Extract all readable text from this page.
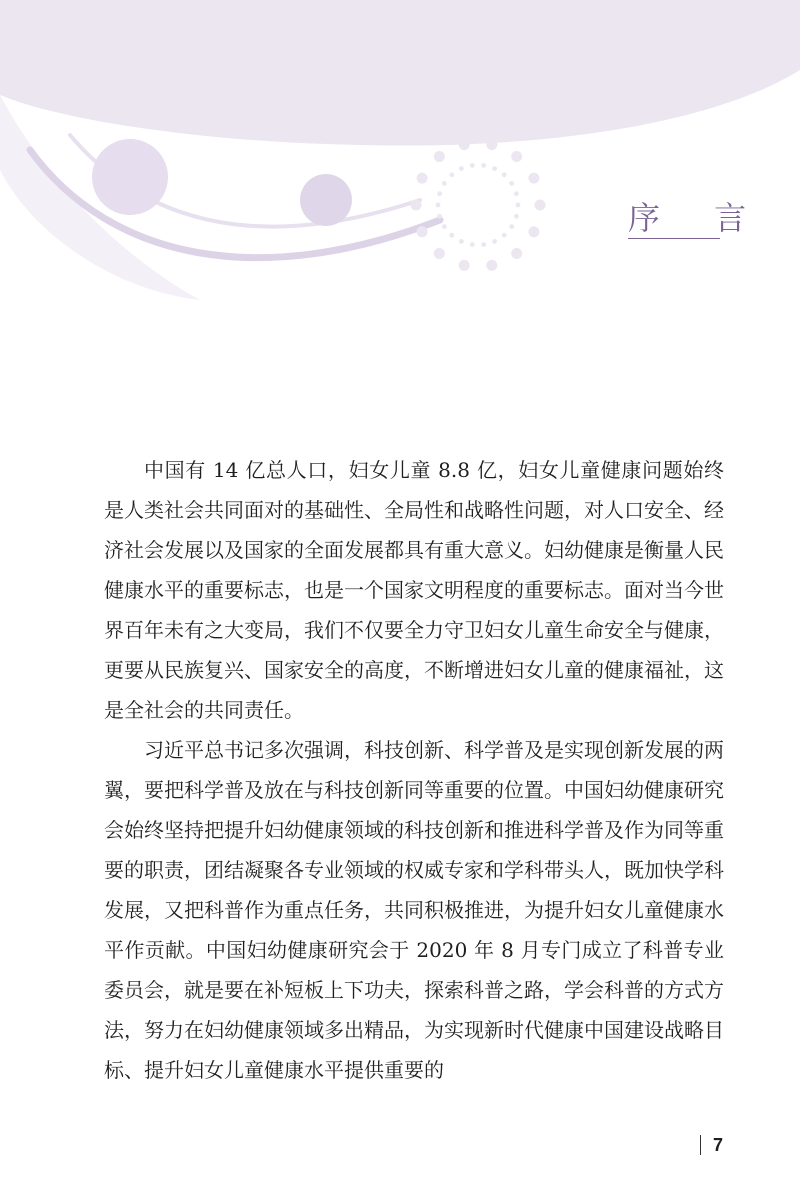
序 言

中国有 14 亿总人口，妇女儿童 8.8 亿，妇女儿童健康问题始终是人类社会共同面对的基础性、全局性和战略性问题，对人口安全、经济社会发展以及国家的全面发展都具有重大意义。妇幼健康是衡量人民健康水平的重要标志，也是一个国家文明程度的重要标志。面对当今世界百年未有之大变局，我们不仅要全力守卫妇女儿童生命安全与健康，更要从民族复兴、国家安全的高度，不断增进妇女儿童的健康福祉，这是全社会的共同责任。

习近平总书记多次强调，科技创新、科学普及是实现创新发展的两翼，要把科学普及放在与科技创新同等重要的位置。中国妇幼健康研究会始终坚持把提升妇幼健康领域的科技创新和推进科学普及作为同等重要的职责，团结凝聚各专业领域的权威专家和学科带头人，既加快学科发展，又把科普作为重点任务，共同积极推进，为提升妇女儿童健康水平作贡献。中国妇幼健康研究会于 2020 年 8 月专门成立了科普专业委员会，就是要在补短板上下功夫，探索科普之路，学会科普的方式方法，努力在妇幼健康领域多出精品，为实现新时代健康中国建设战略目标、提升妇女儿童健康水平提供重要的

7
